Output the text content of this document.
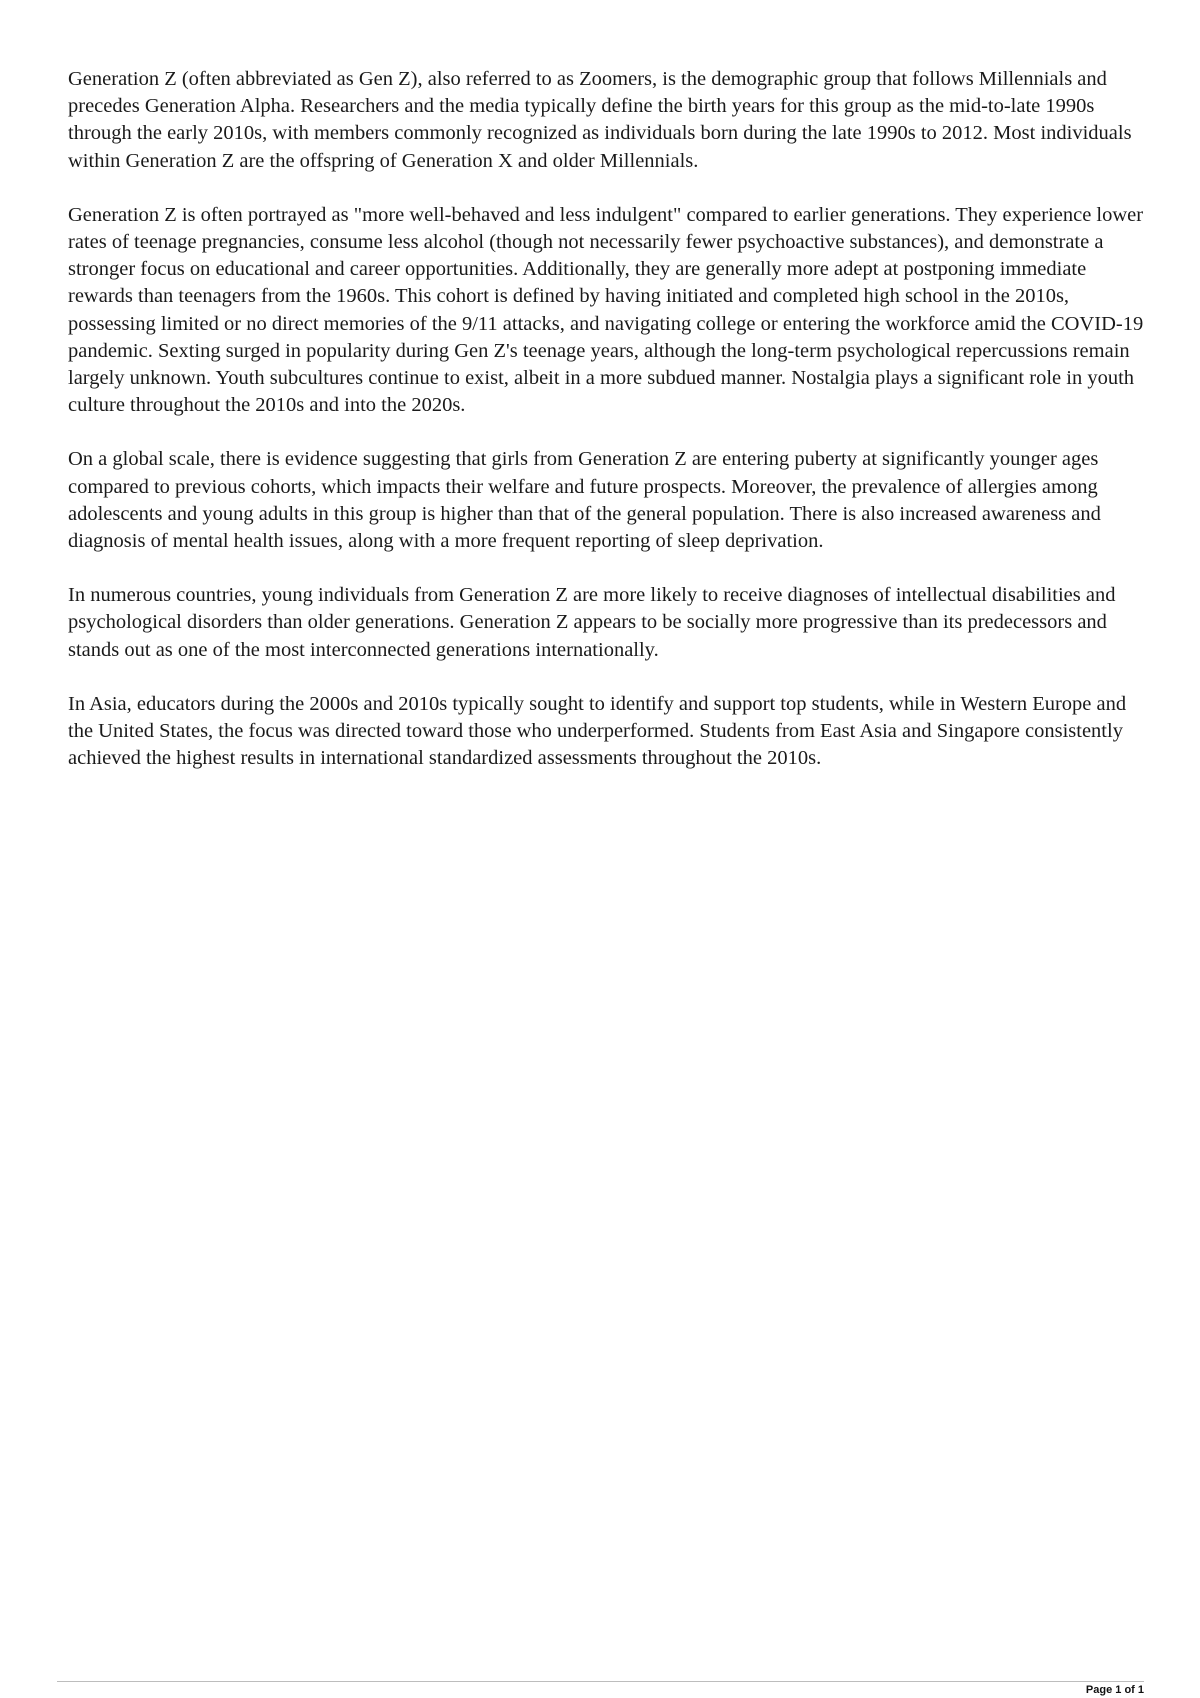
Generation Z (often abbreviated as Gen Z), also referred to as Zoomers, is the demographic group that follows Millennials and precedes Generation Alpha. Researchers and the media typically define the birth years for this group as the mid-to-late 1990s through the early 2010s, with members commonly recognized as individuals born during the late 1990s to 2012. Most individuals within Generation Z are the offspring of Generation X and older Millennials.

Generation Z is often portrayed as "more well-behaved and less indulgent" compared to earlier generations. They experience lower rates of teenage pregnancies, consume less alcohol (though not necessarily fewer psychoactive substances), and demonstrate a stronger focus on educational and career opportunities. Additionally, they are generally more adept at postponing immediate rewards than teenagers from the 1960s. This cohort is defined by having initiated and completed high school in the 2010s, possessing limited or no direct memories of the 9/11 attacks, and navigating college or entering the workforce amid the COVID-19 pandemic. Sexting surged in popularity during Gen Z's teenage years, although the long-term psychological repercussions remain largely unknown. Youth subcultures continue to exist, albeit in a more subdued manner. Nostalgia plays a significant role in youth culture throughout the 2010s and into the 2020s.

On a global scale, there is evidence suggesting that girls from Generation Z are entering puberty at significantly younger ages compared to previous cohorts, which impacts their welfare and future prospects. Moreover, the prevalence of allergies among adolescents and young adults in this group is higher than that of the general population. There is also increased awareness and diagnosis of mental health issues, along with a more frequent reporting of sleep deprivation.

In numerous countries, young individuals from Generation Z are more likely to receive diagnoses of intellectual disabilities and psychological disorders than older generations. Generation Z appears to be socially more progressive than its predecessors and stands out as one of the most interconnected generations internationally.

In Asia, educators during the 2000s and 2010s typically sought to identify and support top students, while in Western Europe and the United States, the focus was directed toward those who underperformed. Students from East Asia and Singapore consistently achieved the highest results in international standardized assessments throughout the 2010s.

Page 1 of 1
